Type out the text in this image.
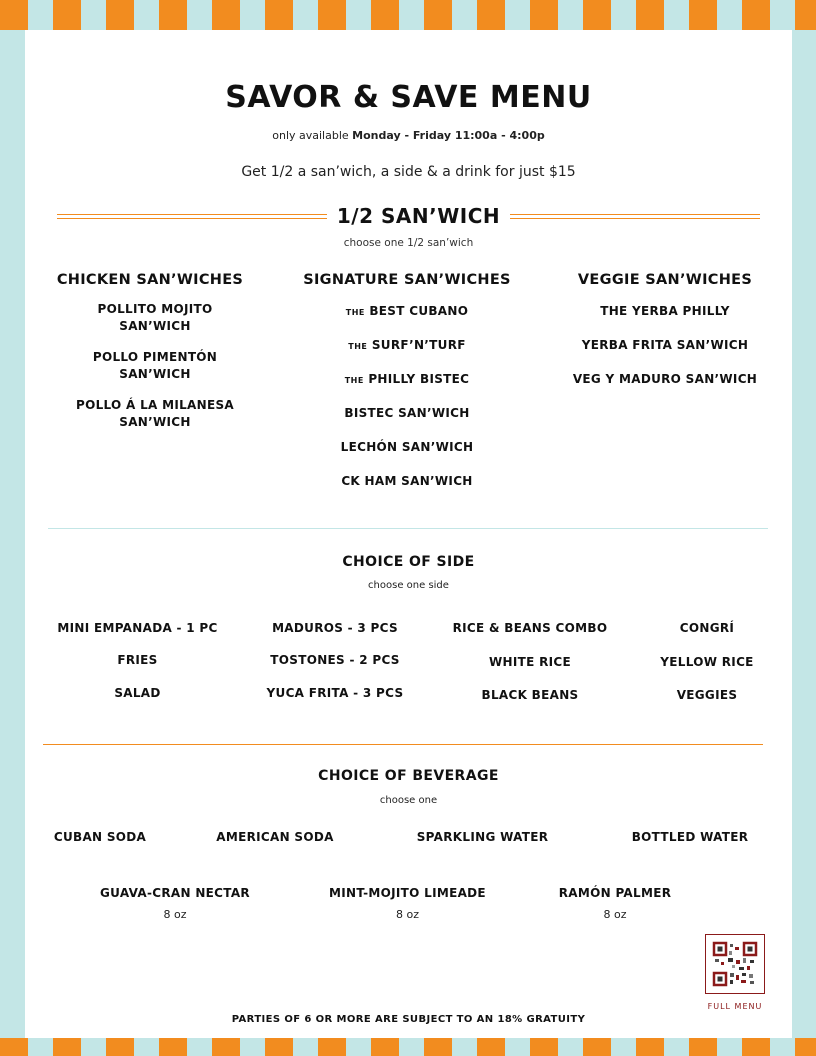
SAVOR & SAVE MENU
only available Monday - Friday 11:00a - 4:00p
Get 1/2 a san’wich, a side & a drink for just $15
1/2 SAN’WICH
choose one 1/2 san’wich
CHICKEN SAN’WICHES
POLLITO MOJITO SAN’WICH
POLLO PIMENTÓN SAN’WICH
POLLO Á LA MILANESA SAN’WICH
SIGNATURE SAN’WICHES
THE BEST CUBANO
THE SURF’N’TURF
THE PHILLY BISTEC
BISTEC SAN’WICH
LECHÓN SAN’WICH
CK HAM SAN’WICH
VEGGIE SAN’WICHES
THE YERBA PHILLY
YERBA FRITA SAN’WICH
VEG Y MADURO SAN’WICH
CHOICE OF SIDE
choose one side
MINI EMPANADA - 1 PC
FRIES
SALAD
MADUROS - 3 PCS
TOSTONES - 2 PCS
YUCA FRITA - 3 PCS
RICE & BEANS COMBO
WHITE RICE
BLACK BEANS
CONGRÍ
YELLOW RICE
VEGGIES
CHOICE OF BEVERAGE
choose one
CUBAN SODA	AMERICAN SODA	SPARKLING WATER	BOTTLED WATER
GUAVA-CRAN NECTAR
8 oz
MINT-MOJITO LIMEADE
8 oz
RAMÓN PALMER
8 oz
FULL MENU
PARTIES OF 6 OR MORE ARE SUBJECT TO AN 18% GRATUITY
